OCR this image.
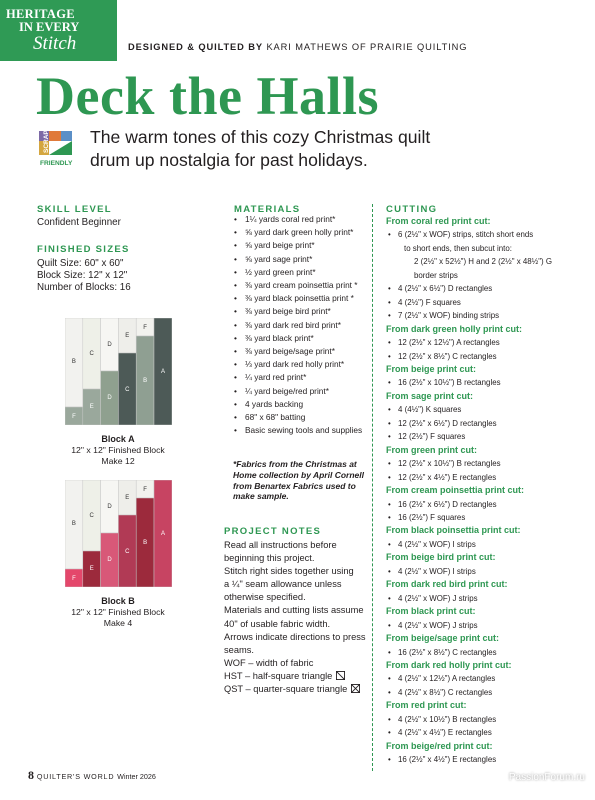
HERITAGE
IN EVERY
Stitch	DESIGNED & QUILTED BY KARI MATHEWS OF PRAIRIE QUILTING
Deck the Halls
SCRAP
FRIENDLY
The warm tones of this cozy Christmas quilt
drum up nostalgia for past holidays.
SKILL LEVEL
Confident Beginner
FINISHED SIZES
Quilt Size: 60" x 60"
Block Size: 12" x 12"
Number of Blocks: 16
A
B
C
D
E
F
B
C
D
E
F
Block A
12" x 12" Finished Block
Make 12
A
B
C
D
E
F
B
C
D
E
F
Block B
12" x 12" Finished Block
Make 4
MATERIALS
• 1¼ yards coral red print*
• ⅝ yard dark green holly print*
• ⅝ yard beige print*
• ⅝ yard sage print*
• ½ yard green print*
• ⅜ yard cream poinsettia print *
• ⅜ yard black poinsettia print *
• ⅜ yard beige bird print*
• ⅜ yard dark red bird print*
• ⅜ yard black print*
• ⅜ yard beige/sage print*
• ⅓ yard dark red holly print*
• ¼ yard red print*
• ¼ yard beige/red print*
• 4 yards backing
• 68" x 68" batting
• Basic sewing tools and supplies
*Fabrics from the Christmas at Home collection by April Cornell from Benartex Fabrics used to make sample.
PROJECT NOTES
Read all instructions before
beginning this project.
Stitch right sides together using
a ¼" seam allowance unless
otherwise specified.
Materials and cutting lists assume
40" of usable fabric width.
Arrows indicate directions to press
seams.
WOF – width of fabric
HST – half-square triangle
QST – quarter-square triangle
CUTTING
From coral red print cut:
• 6 (2½" x WOF) strips, stitch short ends
to short ends, then subcut into:
2 (2½" x 52½") H and 2 (2½" x 48½") G
border strips
• 4 (2½" x 6½") D rectangles
• 4 (2½") F squares
• 7 (2½" x WOF) binding strips
From dark green holly print cut:
• 12 (2½" x 12½") A rectangles
• 12 (2½" x 8½") C rectangles
From beige print cut:
• 16 (2½" x 10½") B rectangles
From sage print cut:
• 4 (4½") K squares
• 12 (2½" x 6½") D rectangles
• 12 (2½") F squares
From green print cut:
• 12 (2½" x 10½") B rectangles
• 12 (2½" x 4½") E rectangles
From cream poinsettia print cut:
• 16 (2½" x 6½") D rectangles
• 16 (2½") F squares
From black poinsettia print cut:
• 4 (2½" x WOF) I strips
From beige bird print cut:
• 4 (2½" x WOF) I strips
From dark red bird print cut:
• 4 (2½" x WOF) J strips
From black print cut:
• 4 (2½" x WOF) J strips
From beige/sage print cut:
• 16 (2½" x 8½") C rectangles
From dark red holly print cut:
• 4 (2½" x 12½") A rectangles
• 4 (2½" x 8½") C rectangles
From red print cut:
• 4 (2½" x 10½") B rectangles
• 4 (2½" x 4½") E rectangles
From beige/red print cut:
• 16 (2½" x 4½") E rectangles
8 QUILTER'S WORLD Winter 2026	PassionForum.ru
